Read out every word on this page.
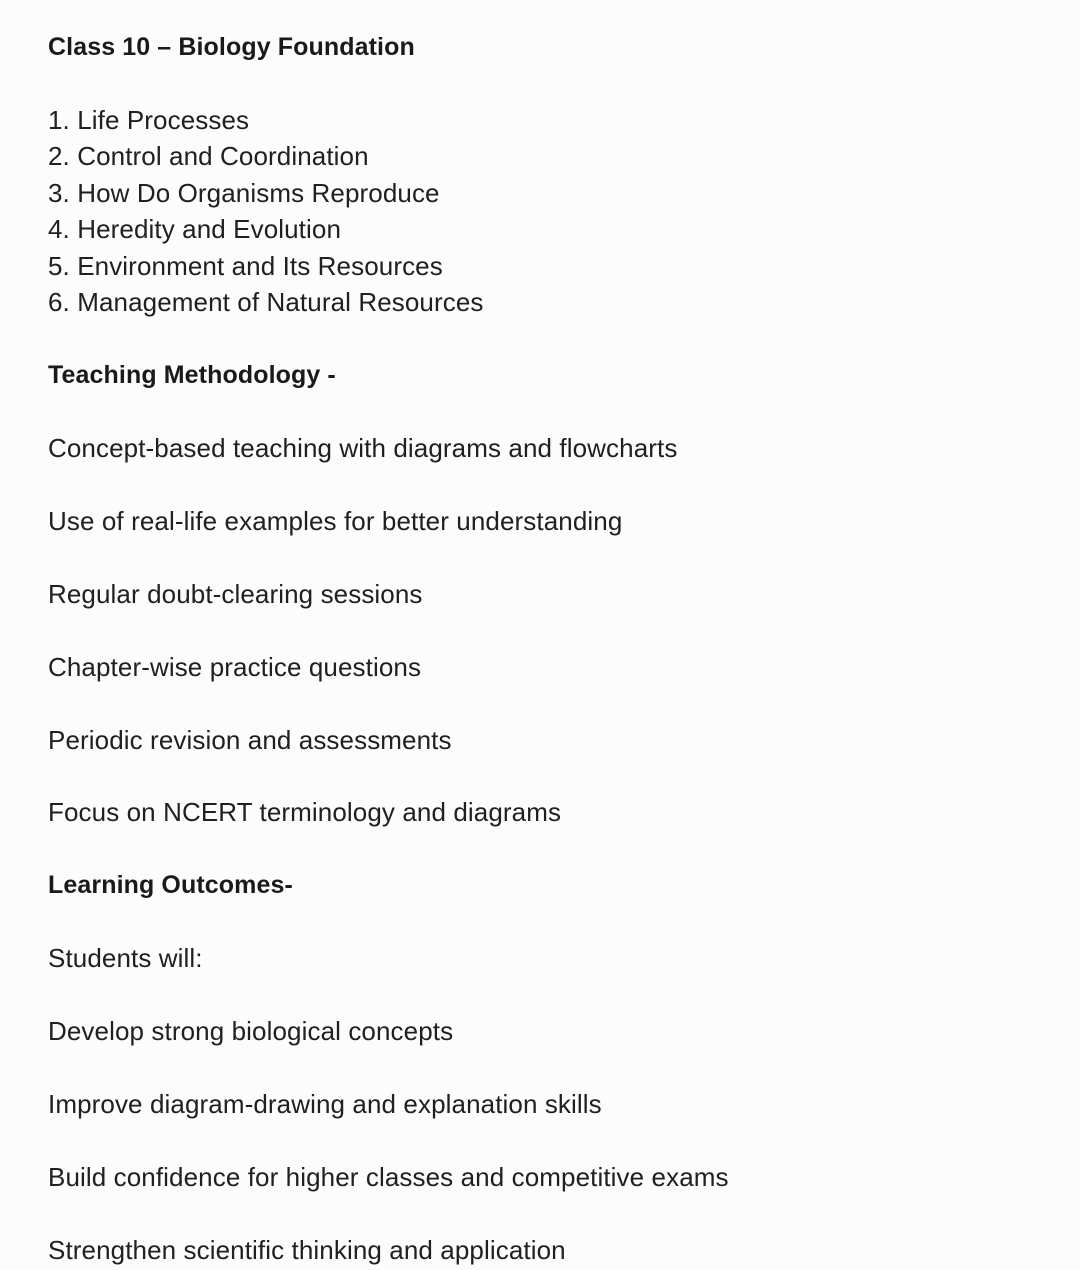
Class 10 – Biology Foundation
1. Life Processes
2. Control and Coordination
3. How Do Organisms Reproduce
4. Heredity and Evolution
5. Environment and Its Resources
6. Management of Natural Resources
Teaching Methodology -
Concept-based teaching with diagrams and flowcharts
Use of real-life examples for better understanding
Regular doubt-clearing sessions
Chapter-wise practice questions
Periodic revision and assessments
Focus on NCERT terminology and diagrams
Learning Outcomes-
Students will:
Develop strong biological concepts
Improve diagram-drawing and explanation skills
Build confidence for higher classes and competitive exams
Strengthen scientific thinking and application
